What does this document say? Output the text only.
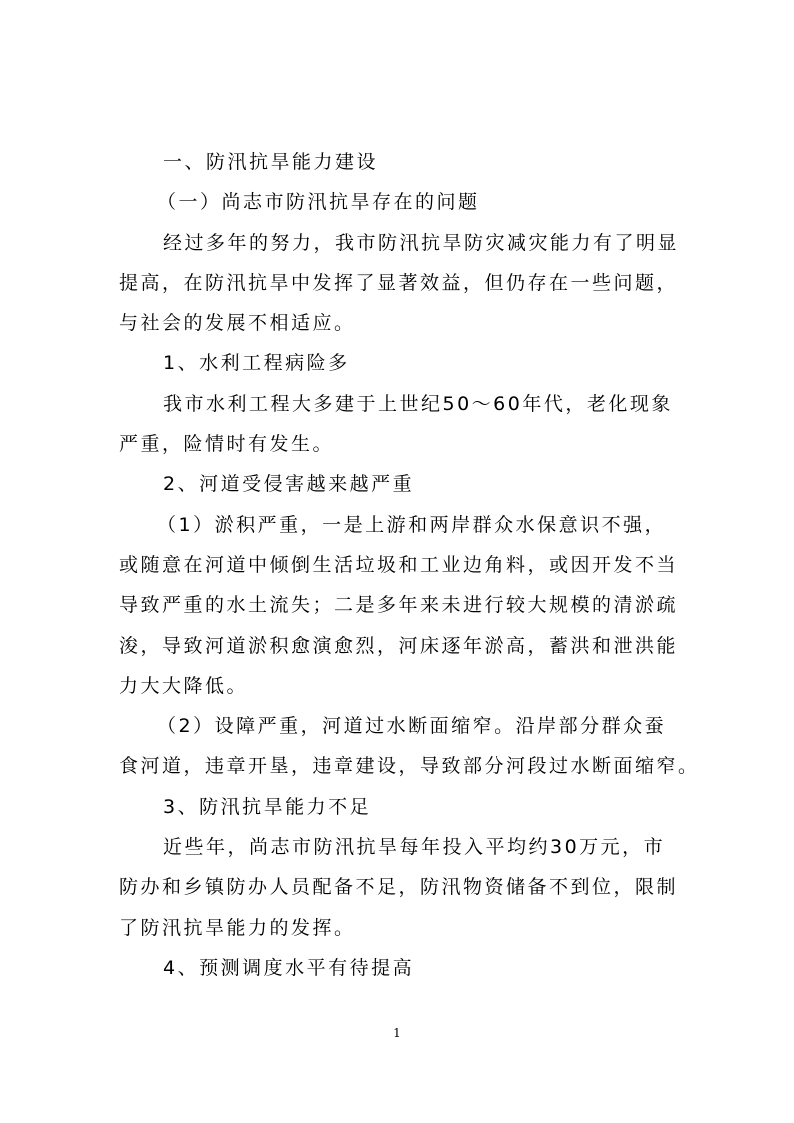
一、防汛抗旱能力建设
（一）尚志市防汛抗旱存在的问题
经过多年的努力，我市防汛抗旱防灾减灾能力有了明显
提高，在防汛抗旱中发挥了显著效益，但仍存在一些问题，
与社会的发展不相适应。
1、水利工程病险多
我市水利工程大多建于上世纪50～60年代，老化现象
严重，险情时有发生。
2、河道受侵害越来越严重
（1）淤积严重，一是上游和两岸群众水保意识不强，
或随意在河道中倾倒生活垃圾和工业边角料，或因开发不当
导致严重的水土流失；二是多年来未进行较大规模的清淤疏
浚，导致河道淤积愈演愈烈，河床逐年淤高，蓄洪和泄洪能
力大大降低。
（2）设障严重，河道过水断面缩窄。沿岸部分群众蚕
食河道，违章开垦，违章建设，导致部分河段过水断面缩窄。
3、防汛抗旱能力不足
近些年，尚志市防汛抗旱每年投入平均约30万元，市
防办和乡镇防办人员配备不足，防汛物资储备不到位，限制
了防汛抗旱能力的发挥。
4、预测调度水平有待提高
1
